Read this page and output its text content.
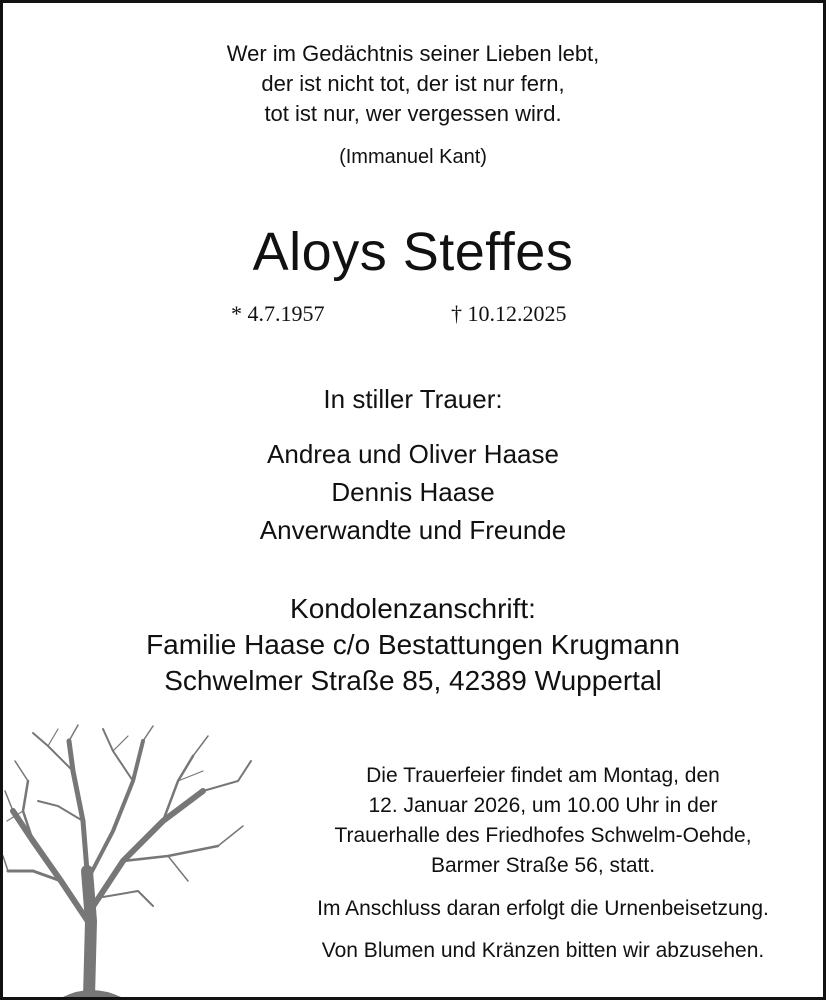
Wer im Gedächtnis seiner Lieben lebt,
der ist nicht tot, der ist nur fern,
tot ist nur, wer vergessen wird.
(Immanuel Kant)
Aloys Steffes
* 4.7.1957	† 10.12.2025
In stiller Trauer:
Andrea und Oliver Haase
Dennis Haase
Anverwandte und Freunde
Kondolenzanschrift:
Familie Haase c/o Bestattungen Krugmann
Schwelmer Straße 85, 42389 Wuppertal
Die Trauerfeier findet am Montag, den
12. Januar 2026, um 10.00 Uhr in der
Trauerhalle des Friedhofes Schwelm-Oehde,
Barmer Straße 56, statt.
Im Anschluss daran erfolgt die Urnenbeisetzung.
Von Blumen und Kränzen bitten wir abzusehen.
